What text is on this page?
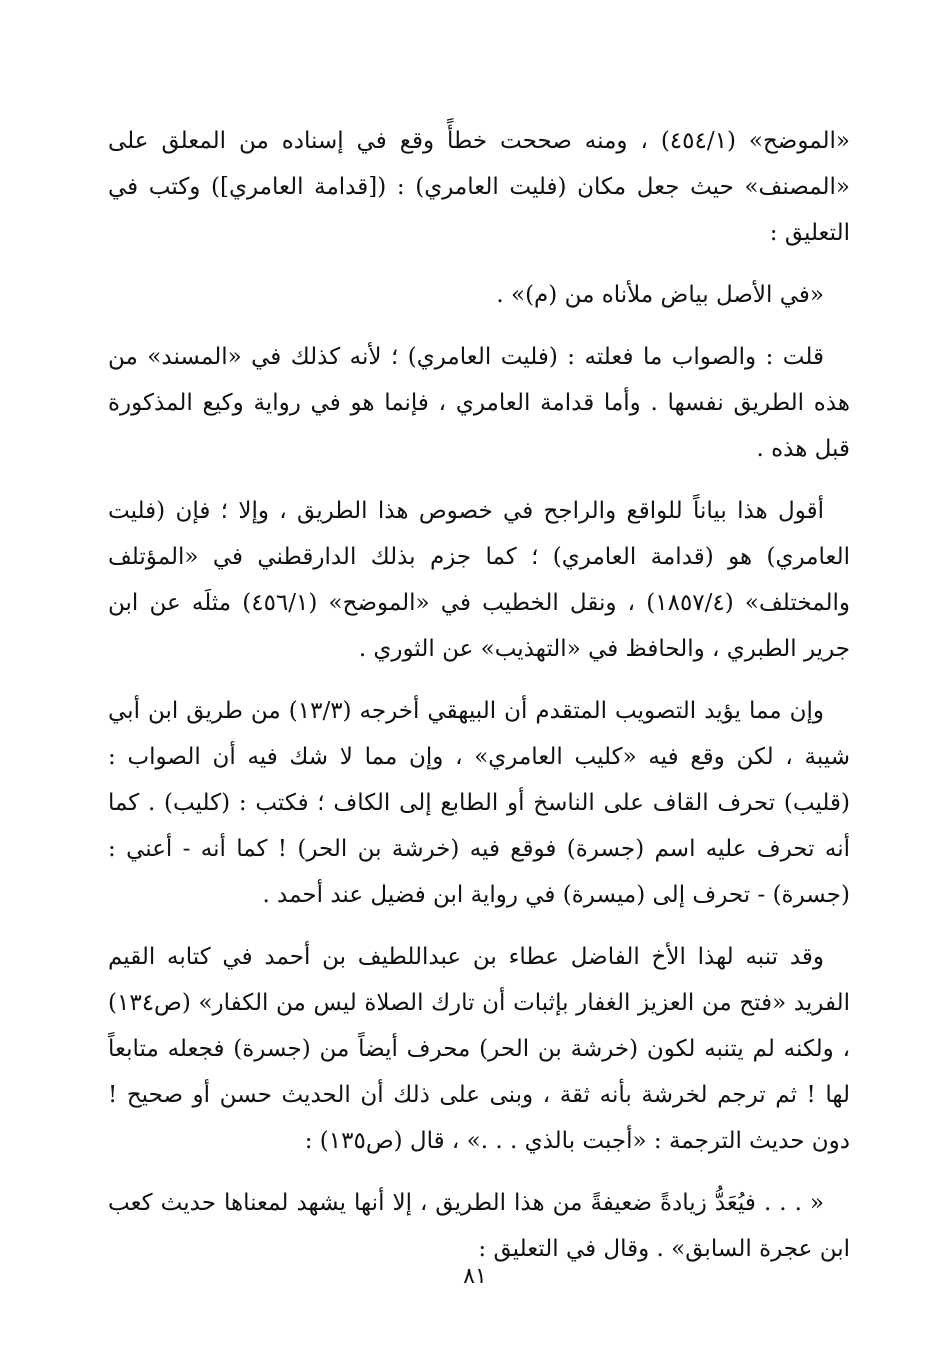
«الموضح» (٤٥٤/١) ، ومنه صححت خطأً وقع في إسناده من المعلق على «المصنف» حيث جعل مكان (فليت العامري) : ([قدامة العامري]) وكتب في التعليق :

«في الأصل بياض ملأناه من (م)» .

قلت : والصواب ما فعلته : (فليت العامري) ؛ لأنه كذلك في «المسند» من هذه الطريق نفسها . وأما قدامة العامري ، فإنما هو في رواية وكيع المذكورة قبل هذه .

أقول هذا بياناً للواقع والراجح في خصوص هذا الطريق ، وإلا ؛ فإن (فليت العامري) هو (قدامة العامري) ؛ كما جزم بذلك الدارقطني في «المؤتلف والمختلف» (١٨٥٧/٤) ، ونقل الخطيب في «الموضح» (٤٥٦/١) مثلَه عن ابن جرير الطبري ، والحافظ في «التهذيب» عن الثوري .

وإن مما يؤيد التصويب المتقدم أن البيهقي أخرجه (١٣/٣) من طريق ابن أبي شيبة ، لكن وقع فيه «كليب العامري» ، وإن مما لا شك فيه أن الصواب : (قليب) تحرف القاف على الناسخ أو الطابع إلى الكاف ؛ فكتب : (كليب) . كما أنه تحرف عليه اسم (جسرة) فوقع فيه (خرشة بن الحر) ! كما أنه - أعني : (جسرة) - تحرف إلى (ميسرة) في رواية ابن فضيل عند أحمد .

وقد تنبه لهذا الأخ الفاضل عطاء بن عبداللطيف بن أحمد في كتابه القيم الفريد «فتح من العزيز الغفار بإثبات أن تارك الصلاة ليس من الكفار» (ص١٣٤) ، ولكنه لم يتنبه لكون (خرشة بن الحر) محرف أيضاً من (جسرة) فجعله متابعاً لها ! ثم ترجم لخرشة بأنه ثقة ، وبنى على ذلك أن الحديث حسن أو صحيح ! دون حديث الترجمة : «أجبت بالذي . . .» ، قال (ص١٣٥) :

« . . . فيُعَدُّ زيادةً ضعيفةً من هذا الطريق ، إلا أنها يشهد لمعناها حديث كعب ابن عجرة السابق» . وقال في التعليق :

٨١
